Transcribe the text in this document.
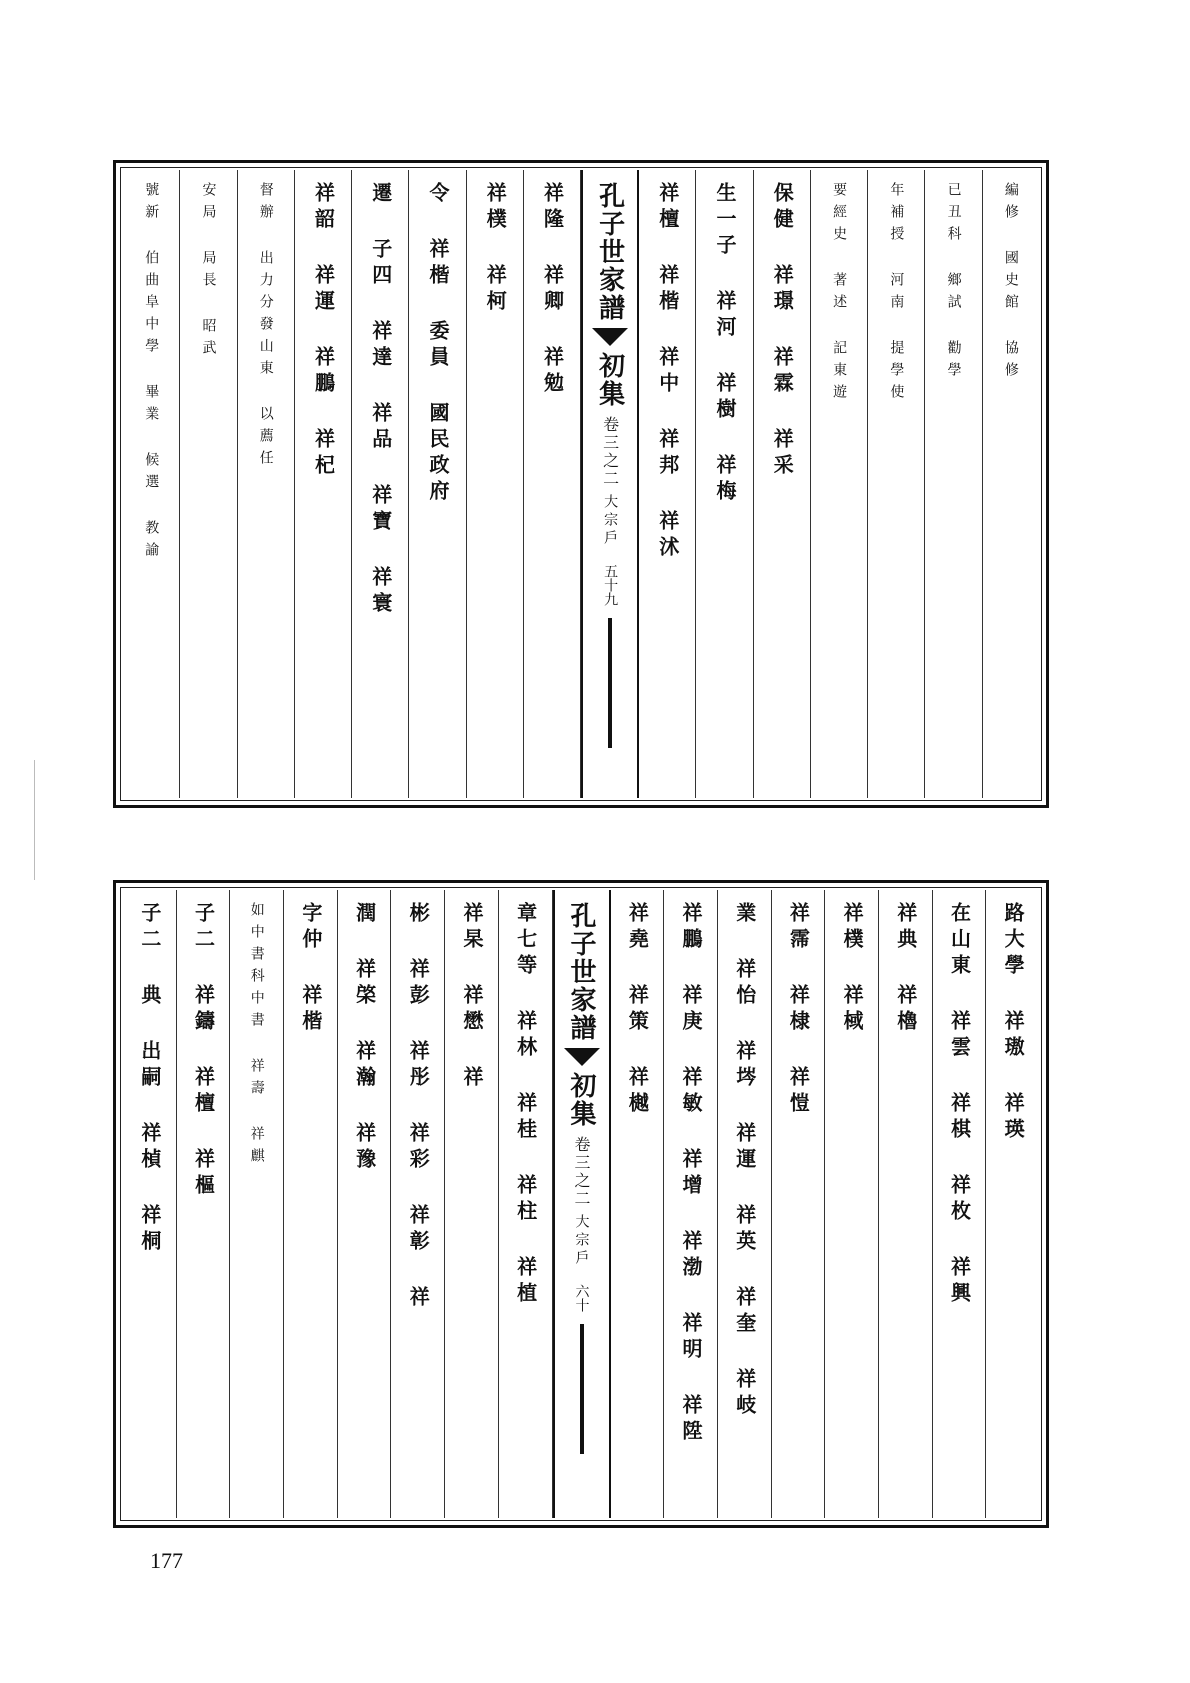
編修 國史館 協修
已丑科 鄉試 勸學
年補授 河南 提學使
要經史 著述 記東遊
保健 祥璟 祥霖 祥采
生一子 祥河 祥樹 祥梅
祥檀 祥楷 祥中 祥邦 祥沭
孔子世家譜
初集
卷三之二
大宗戶
五十九
祥隆 祥卿 祥勉
祥樸 祥柯
令 祥楷 委員 國民政府
遷 子四 祥達 祥品 祥寶 祥寰
祥韶 祥運 祥鵬 祥杞
督辦 出力分發山東 以薦任
安局 局長 昭武
號新 伯曲阜中學 畢業 候選 教諭
路大學 祥璈 祥瑛
在山東 祥雲 祥棋 祥枚 祥興
祥典 祥櫓
祥樸 祥棫
祥霈 祥棣 祥愷
業 祥怡 祥埁 祥運 祥英 祥奎 祥岐
祥鵬 祥庚 祥敏 祥增 祥渤 祥明 祥陞
祥堯 祥策 祥樾
孔子世家譜
初集
卷三之二
大宗戶
六十
章七等 祥林 祥桂 祥柱 祥植
祥杲 祥懋 祥
彬 祥彭 祥彤 祥彩 祥彰 祥
潤 祥棨 祥瀚 祥豫
字仲 祥楷
如中書科中書 祥壽 祥麒
子二 祥鑄 祥檀 祥樞
子二 典 出嗣 祥楨 祥桐
177
